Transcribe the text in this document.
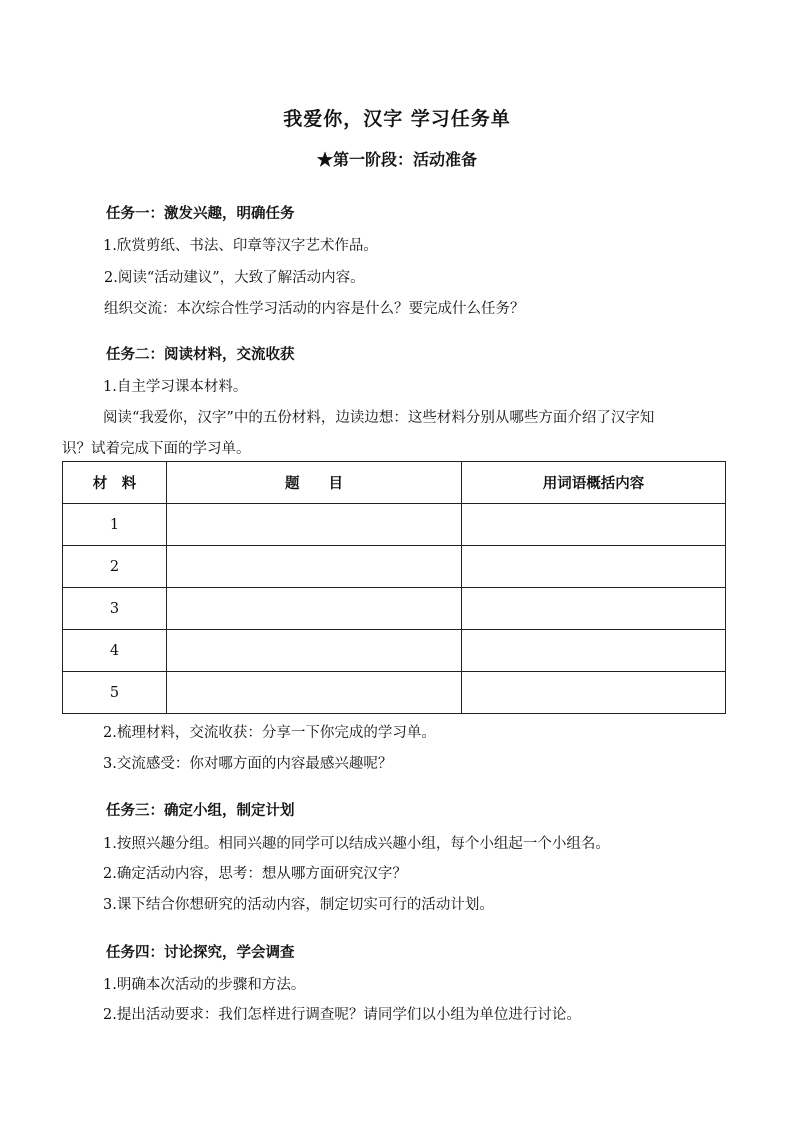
我爱你，汉字 学习任务单
★第一阶段：活动准备
任务一：激发兴趣，明确任务
1.欣赏剪纸、书法、印章等汉字艺术作品。
2.阅读“活动建议”，大致了解活动内容。
组织交流：本次综合性学习活动的内容是什么？要完成什么任务？
任务二：阅读材料，交流收获
1.自主学习课本材料。
阅读“我爱你，汉字”中的五份材料，边读边想：这些材料分别从哪些方面介绍了汉字知
识？试着完成下面的学习单。
材　料	题　　目	用词语概括内容
1		
2		
3		
4		
5		
2.梳理材料，交流收获：分享一下你完成的学习单。
3.交流感受：你对哪方面的内容最感兴趣呢？
任务三：确定小组，制定计划
1.按照兴趣分组。相同兴趣的同学可以结成兴趣小组，每个小组起一个小组名。
2.确定活动内容，思考：想从哪方面研究汉字？
3.课下结合你想研究的活动内容，制定切实可行的活动计划。
任务四：讨论探究，学会调查
1.明确本次活动的步骤和方法。
2.提出活动要求：我们怎样进行调查呢？请同学们以小组为单位进行讨论。
